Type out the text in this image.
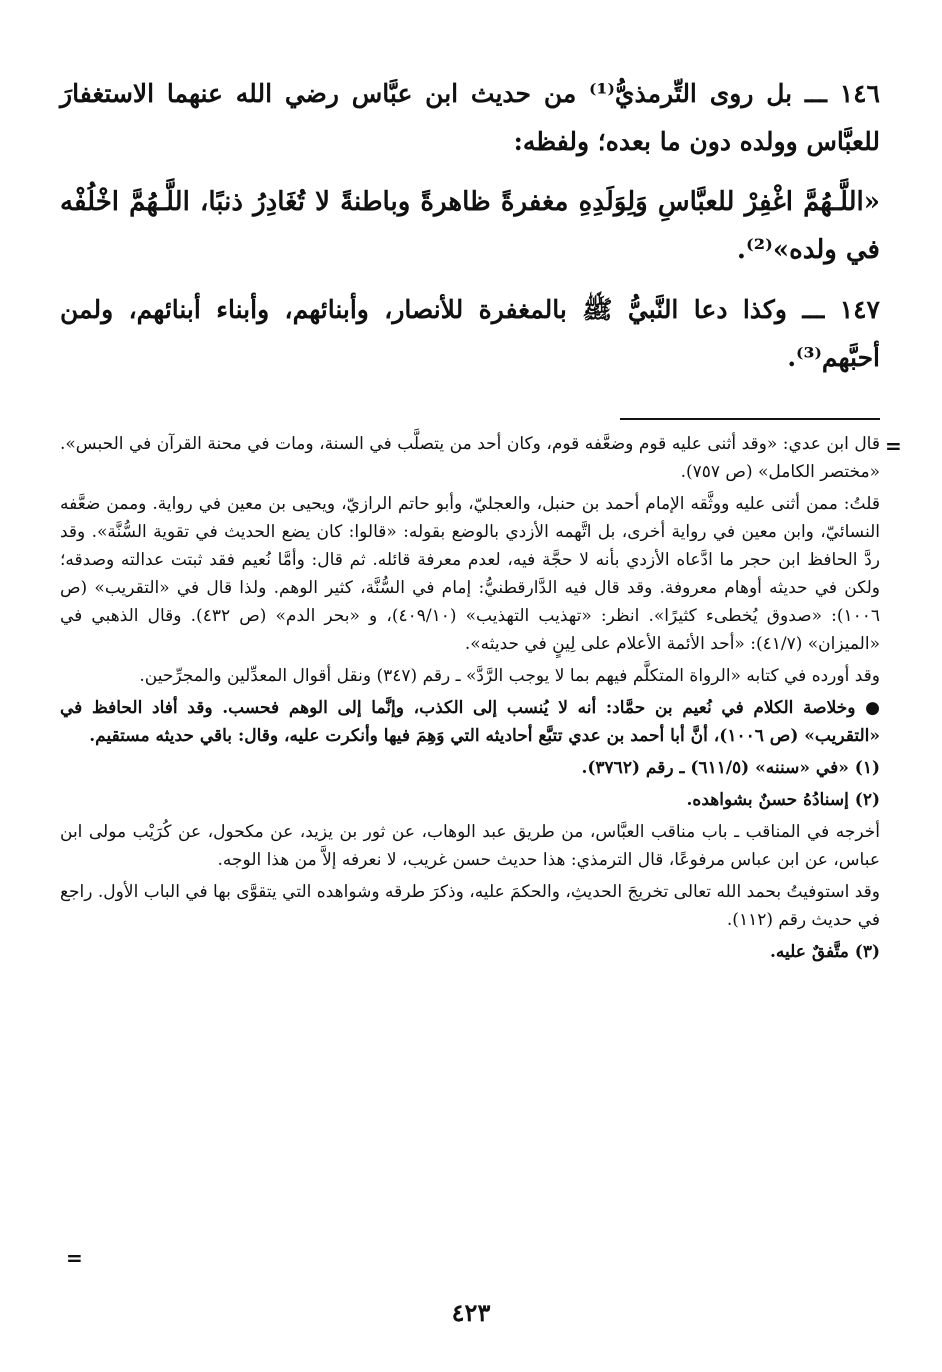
١٤٦ ـــ بل روى التِّرمذيُّ⁽¹⁾ من حديث ابن عبَّاس رضي الله عنهما الاستغفارَ للعبَّاس وولده دون ما بعده؛ ولفظه:

«اللَّـهُمَّ اغْفِرْ للعبَّاسِ وَلِوَلَدِهِ مغفرةً ظاهرةً وباطنةً لا تُغَادِرُ ذنبًا، اللَّـهُمَّ اخْلُفْه في ولده»⁽²⁾.

١٤٧ ـــ وكذا دعا النَّبيُّ ﷺ بالمغفرة للأنصار، وأبنائهم، وأبناء أبنائهم، ولمن أحبَّهم⁽³⁾.

قال ابن عدي: «وقد أثنى عليه قوم وضعَّفه قوم، وكان أحد من يتصلَّب في السنة، ومات في محنة القرآن في الحبس». «مختصر الكامل» (ص ٧٥٧).

قلتُ: ممن أثنى عليه ووثَّقه الإمام أحمد بن حنبل، والعجليّ، وأبو حاتم الرازيّ، ويحيى بن معين في رواية. وممن ضعَّفه النسائيّ، وابن معين في رواية أخرى، بل اتَّهمه الأزدي بالوضع بقوله: «قالوا: كان يضع الحديث في تقوية السُّنَّة». وقد ردَّ الحافظ ابن حجر ما ادَّعاه الأزدي بأنه لا حجَّة فيه، لعدم معرفة قائله. ثم قال: وأمَّا نُعيم فقد ثبتت عدالته وصدقه؛ ولكن في حديثه أوهام معروفة. وقد قال فيه الدَّارقطنيُّ: إمام في السُّنَّة، كثير الوهم. ولذا قال في «التقريب» (ص ١٠٠٦): «صدوق يُخطىء كثيرًا». انظر: «تهذيب التهذيب» (٤٠٩/١٠)، و «بحر الدم» (ص ٤٣٢). وقال الذهبي في «الميزان» (٤١/٧): «أحد الأئمة الأعلام على لِينٍ في حديثه».

وقد أورده في كتابه «الرواة المتكلَّم فيهم بما لا يوجب الرَّدَّ» ـ رقم (٣٤٧) ونقل أقوال المعدِّلين والمجرِّحين.

● وخلاصة الكلام في نُعيم بن حمَّاد: أنه لا يُنسب إلى الكذب، وإنَّما إلى الوهم فحسب. وقد أفاد الحافظ في «التقريب» (ص ١٠٠٦)، أنَّ أبا أحمد بن عدي تتبَّع أحاديثه التي وَهِمَ فيها وأنكرت عليه، وقال: باقي حديثه مستقيم.

(١) «في «سننه» (٦١١/٥) ـ رقم (٣٧٦٢).

(٢) إسنادُهُ حسنٌ بشواهده.

أخرجه في المناقب ـ باب مناقب العبَّاس، من طريق عبد الوهاب، عن ثور بن يزيد، عن مكحول، عن كُرَيْب مولى ابن عباس، عن ابن عباس مرفوعًا، قال الترمذي: هذا حديث حسن غريب، لا نعرفه إلاَّ من هذا الوجه.

وقد استوفيتُ بحمد الله تعالى تخريجَ الحديثِ، والحكمَ عليه، وذكرَ طرقه وشواهده التي يتقوَّى بها في الباب الأول. راجع في حديث رقم (١١٢).

(٣) متَّفقٌ عليه.

=
=
٤٢٣
